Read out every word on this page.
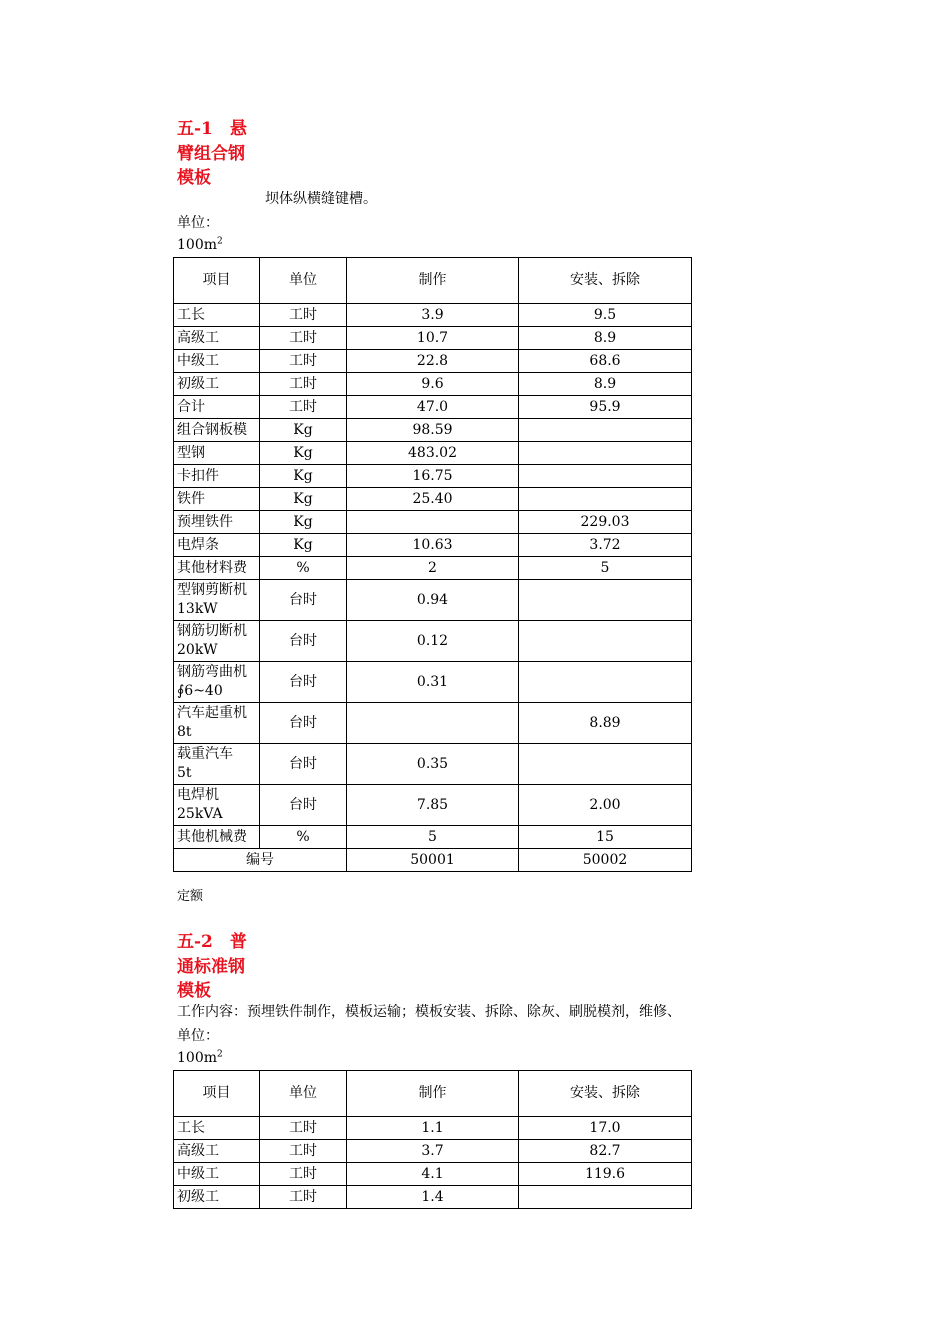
五-1　悬
臂组合钢
模板
坝体纵横缝键槽。
单位：
$100m^2$
项目	单位	制作	安装、拆除
工长	工时	3.9	9.5
高级工	工时	10.7	8.9
中级工	工时	22.8	68.6
初级工	工时	9.6	8.9
合计	工时	47.0	95.9
组合钢板模	Kg	98.59	
型钢	Kg	483.02	
卡扣件	Kg	16.75	
铁件	Kg	25.40	
预埋铁件	Kg		229.03
电焊条	Kg	10.63	3.72
其他材料费	%	2	5

型钢剪断机
13kW	台时	0.94	

钢筋切断机
20kW	台时	0.12	

钢筋弯曲机
∮6~40	台时	0.31	

汽车起重机
8t	台时		8.89

载重汽车
5t	台时	0.35	

电焊机
25kVA	台时	7.85	2.00
其他机械费	%	5	15
编号		50001	50002
定额
五-2　普
通标准钢
模板
工作内容：预埋铁件制作，模板运输；模板安装、拆除、除灰、刷脱模剂，维修、
单位：
$100m^2$
项目	单位	制作	安装、拆除
工长	工时	1.1	17.0
高级工	工时	3.7	82.7
中级工	工时	4.1	119.6
初级工	工时	1.4	
